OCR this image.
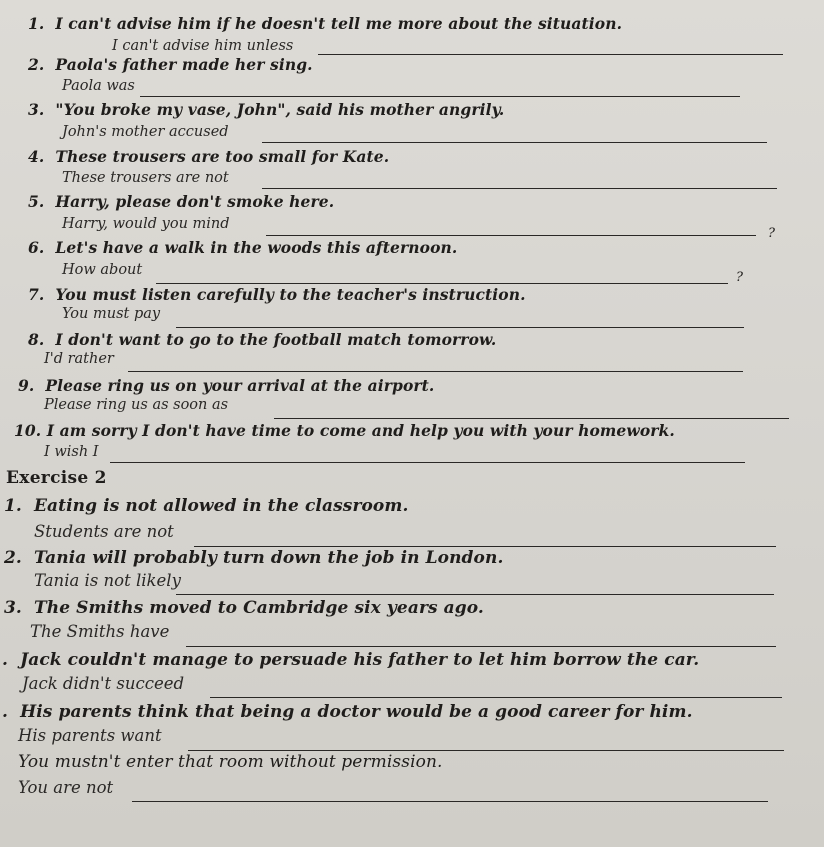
1. I can't advise him if he doesn't tell me more about the situation.
I can't advise him unless
2. Paola's father made her sing.
Paola was
3. "You broke my vase, John", said his mother angrily.
John's mother accused
4. These trousers are too small for Kate.
These trousers are not
5. Harry, please don't smoke here.
Harry, would you mind
?
6. Let's have a walk in the woods this afternoon.
How about	?
7. You must listen carefully to the teacher's instruction.
You must pay
8. I don't want to go to the football match tomorrow.
I'd rather
9. Please ring us on your arrival at the airport.
Please ring us as soon as
10. I am sorry I don't have time to come and help you with your homework.
I wish I
Exercise 2
1. Eating is not allowed in the classroom.
Students are not
2. Tania will probably turn down the job in London.
Tania is not likely
3. The Smiths moved to Cambridge six years ago.
The Smiths have
. Jack couldn't manage to persuade his father to let him borrow the car.
Jack didn't succeed
. His parents think that being a doctor would be a good career for him.
His parents want
You mustn't enter that room without permission.
You are not
